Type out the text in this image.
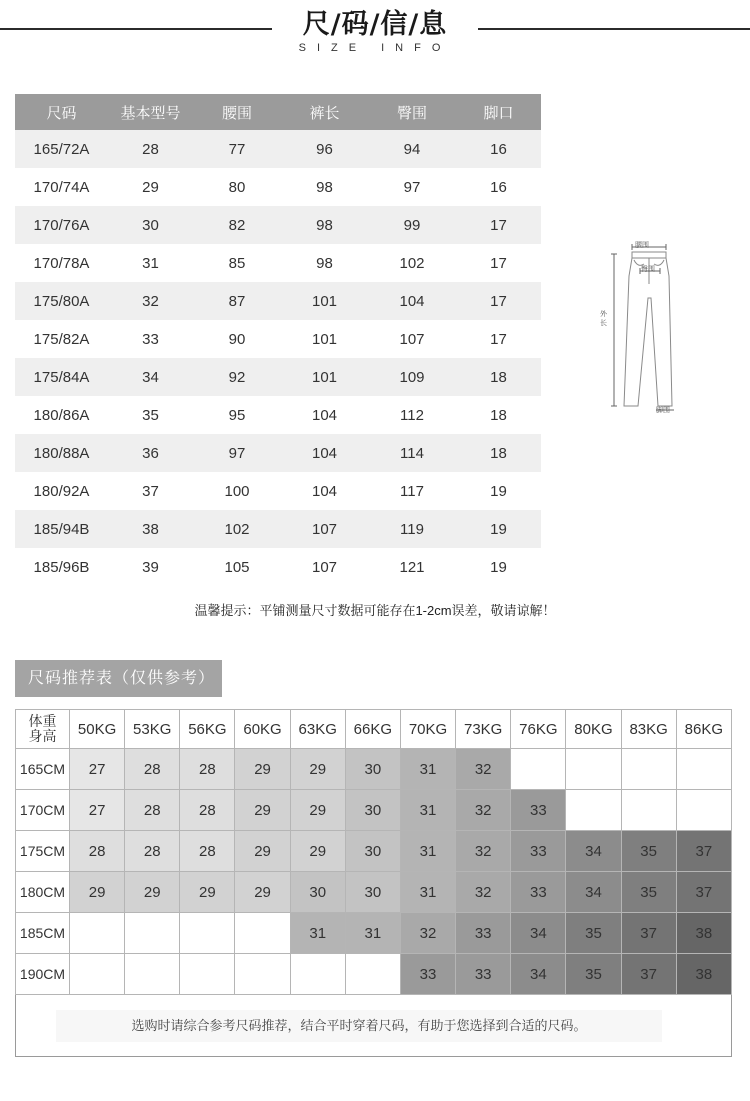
尺/码/信/息
SIZE INFO
尺码	基本型号	腰围	裤长	臀围	脚口
165/72A	28	77	96	94	16
170/74A	29	80	98	97	16
170/76A	30	82	98	99	17
170/78A	31	85	98	102	17
175/80A	32	87	101	104	17
175/82A	33	90	101	107	17
175/84A	34	92	101	109	18
180/86A	35	95	104	112	18
180/88A	36	97	104	114	18
180/92A	37	100	104	117	19
185/94B	38	102	107	119	19
185/96B	39	105	107	121	19
腰围
臀围
外长
脚围
温馨提示：平铺测量尺寸数据可能存在1-2cm误差，敬请谅解！
尺码推荐表（仅供参考）
体重
身高	50KG	53KG	56KG	60KG	63KG	66KG	70KG	73KG	76KG	80KG	83KG	86KG
165CM	27	28	28	29	29	30	31	32				
170CM	27	28	28	29	29	30	31	32	33			
175CM	28	28	28	29	29	30	31	32	33	34	35	37
180CM	29	29	29	29	30	30	31	32	33	34	35	37
185CM					31	31	32	33	34	35	37	38
190CM							33	33	34	35	37	38
选购时请综合参考尺码推荐，结合平时穿着尺码，有助于您选择到合适的尺码。
